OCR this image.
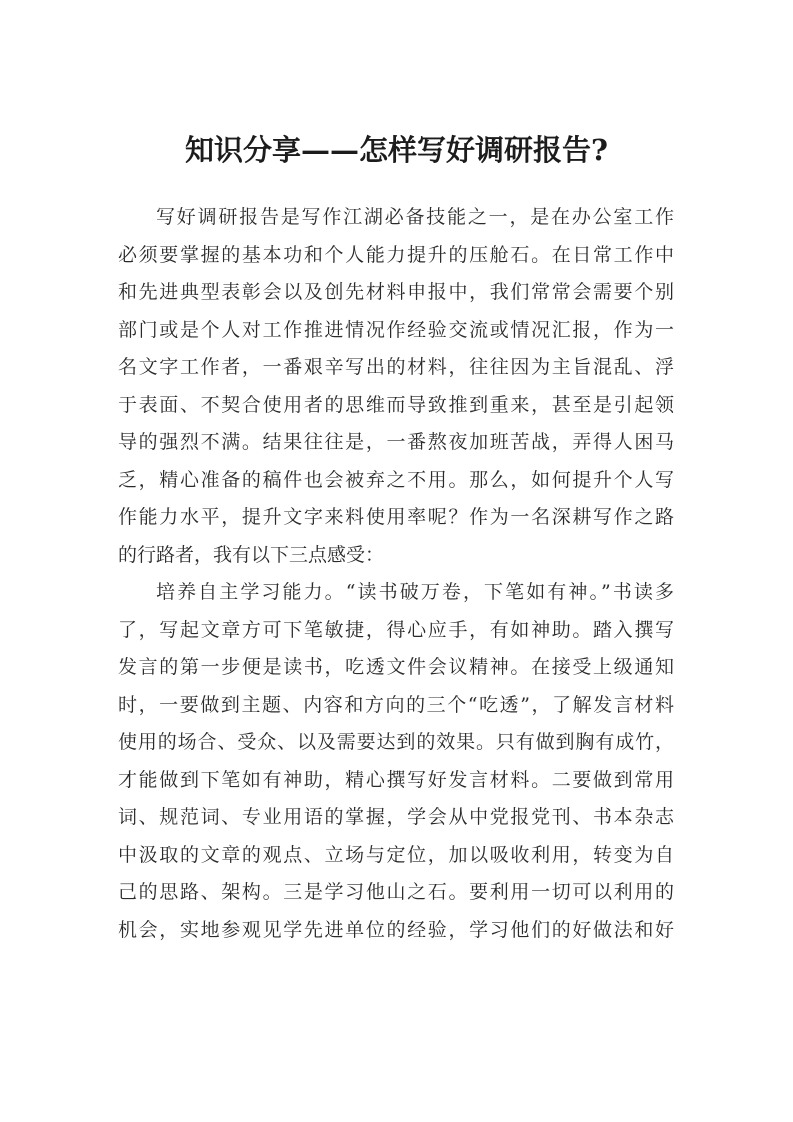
知识分享——怎样写好调研报告?
写好调研报告是写作江湖必备技能之一，是在办公室工作
必须要掌握的基本功和个人能力提升的压舱石。在日常工作中
和先进典型表彰会以及创先材料申报中，我们常常会需要个别
部门或是个人对工作推进情况作经验交流或情况汇报，作为一
名文字工作者，一番艰辛写出的材料，往往因为主旨混乱、浮
于表面、不契合使用者的思维而导致推到重来，甚至是引起领
导的强烈不满。结果往往是，一番熬夜加班苦战，弄得人困马
乏，精心准备的稿件也会被弃之不用。那么，如何提升个人写
作能力水平，提升文字来料使用率呢？作为一名深耕写作之路
的行路者，我有以下三点感受：
培养自主学习能力。“读书破万卷，下笔如有神。”书读多
了，写起文章方可下笔敏捷，得心应手，有如神助。踏入撰写
发言的第一步便是读书，吃透文件会议精神。在接受上级通知
时，一要做到主题、内容和方向的三个“吃透”，了解发言材料
使用的场合、受众、以及需要达到的效果。只有做到胸有成竹，
才能做到下笔如有神助，精心撰写好发言材料。二要做到常用
词、规范词、专业用语的掌握，学会从中党报党刊、书本杂志
中汲取的文章的观点、立场与定位，加以吸收利用，转变为自
己的思路、架构。三是学习他山之石。要利用一切可以利用的
机会，实地参观见学先进单位的经验，学习他们的好做法和好
